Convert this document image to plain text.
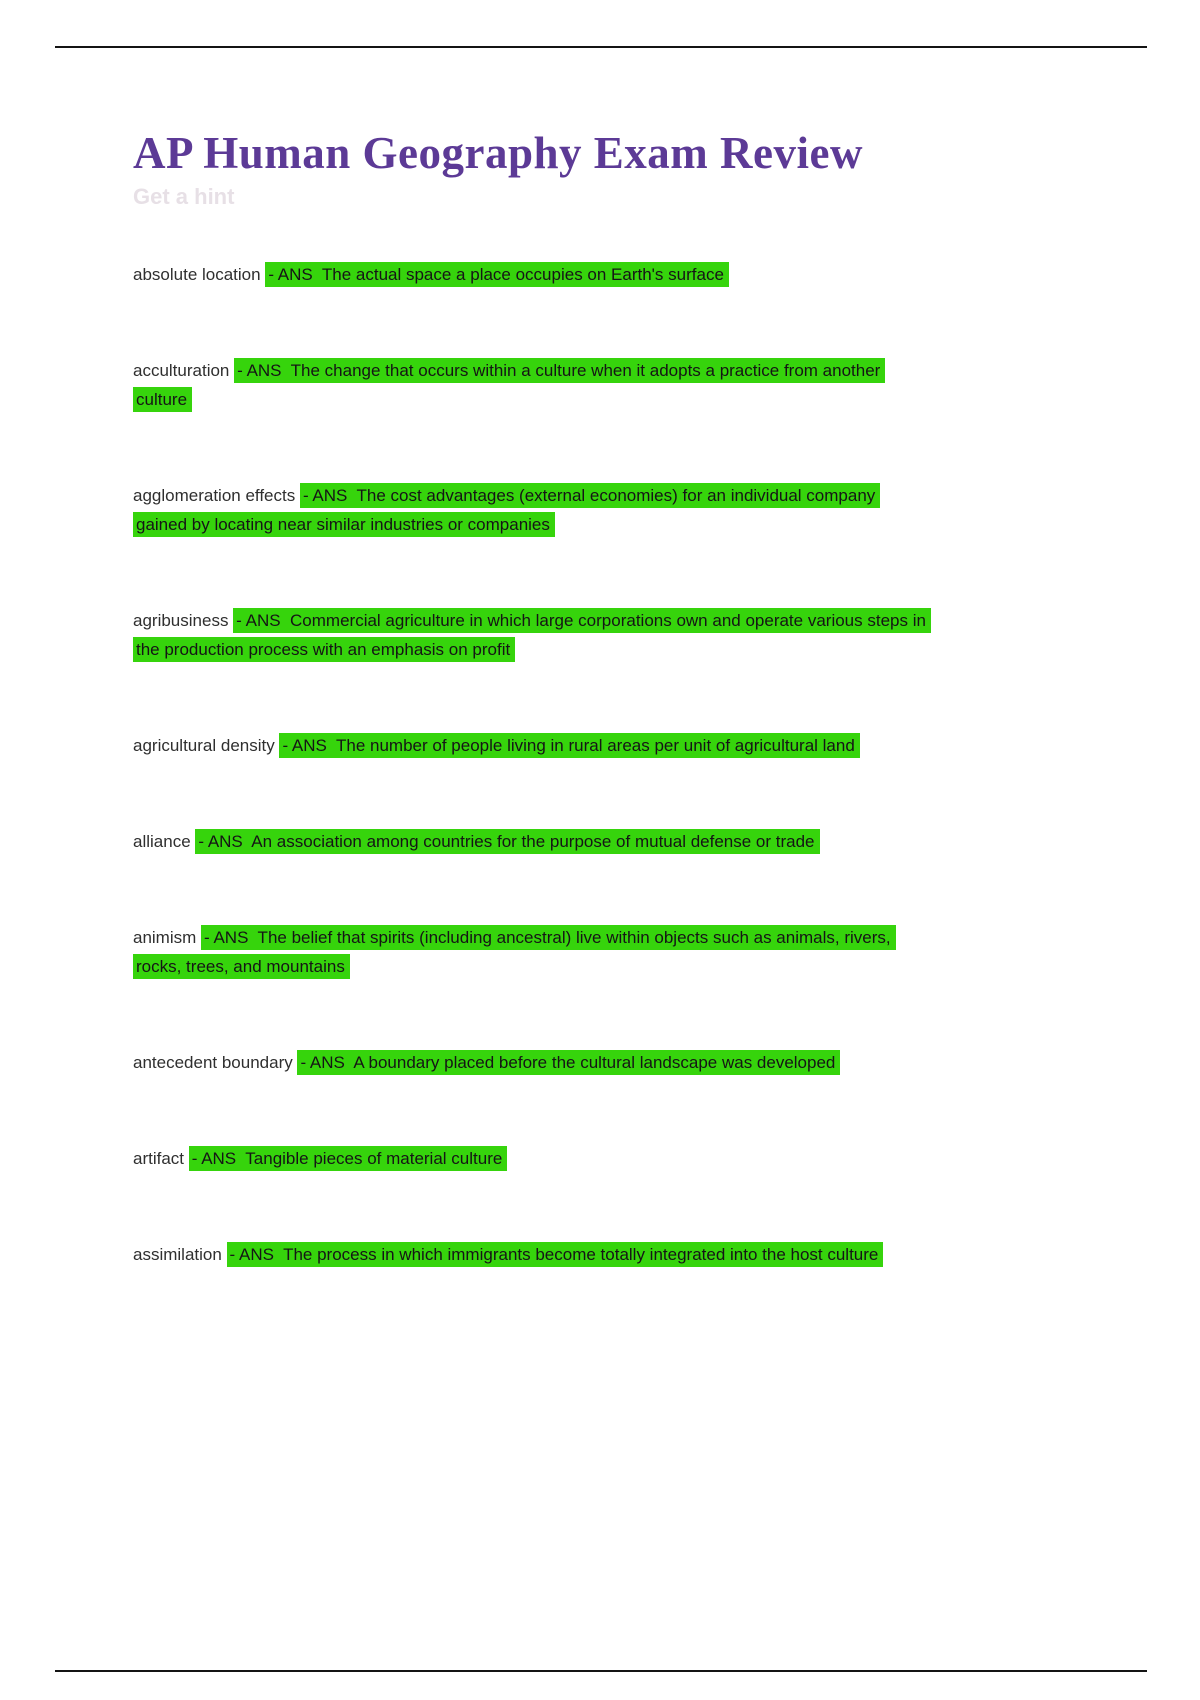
AP Human Geography Exam Review
Get a hint
absolute location - ANS  The actual space a place occupies on Earth's surface
acculturation - ANS  The change that occurs within a culture when it adopts a practice from another
culture
agglomeration effects - ANS  The cost advantages (external economies) for an individual company
gained by locating near similar industries or companies
agribusiness - ANS  Commercial agriculture in which large corporations own and operate various steps in
the production process with an emphasis on profit
agricultural density - ANS  The number of people living in rural areas per unit of agricultural land
alliance - ANS  An association among countries for the purpose of mutual defense or trade
animism - ANS  The belief that spirits (including ancestral) live within objects such as animals, rivers,
rocks, trees, and mountains
antecedent boundary - ANS  A boundary placed before the cultural landscape was developed
artifact - ANS  Tangible pieces of material culture
assimilation - ANS  The process in which immigrants become totally integrated into the host culture
